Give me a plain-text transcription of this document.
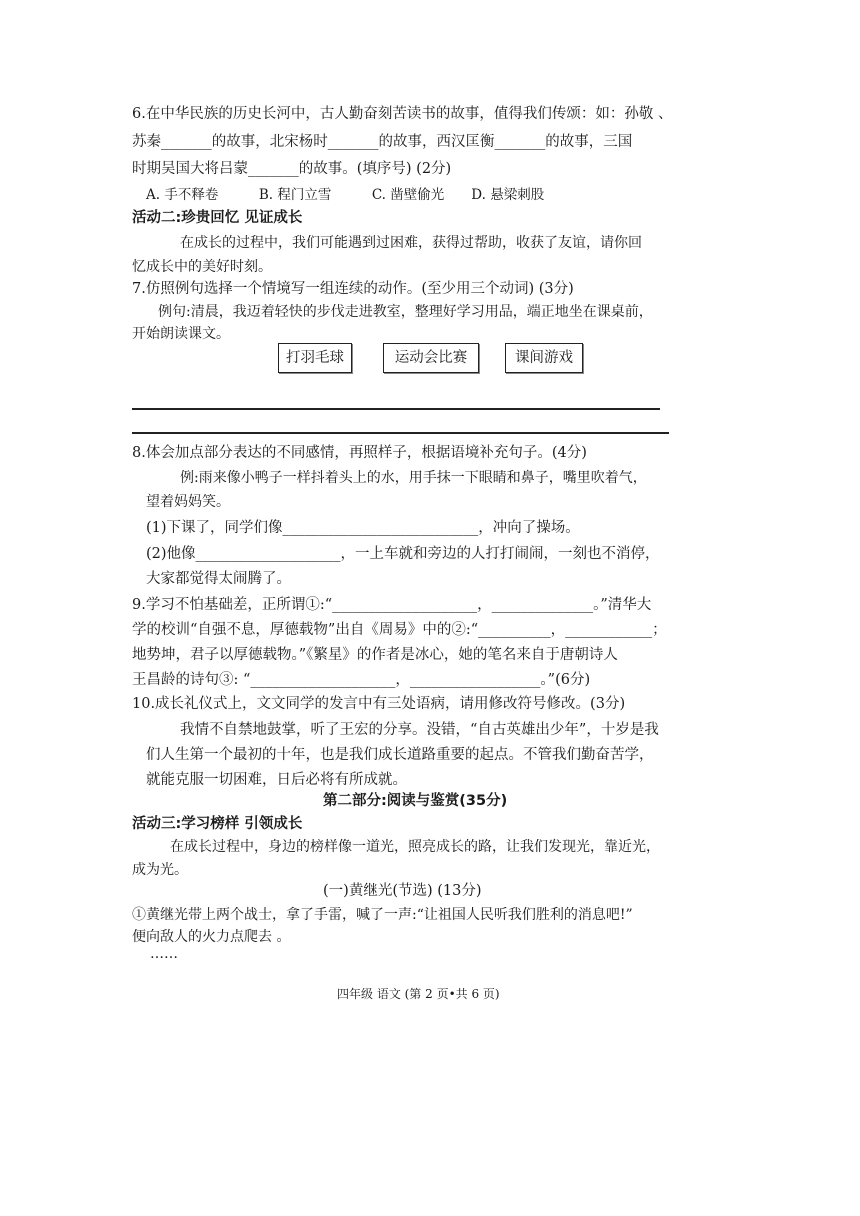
6.在中华民族的历史长河中，古人勤奋刻苦读书的故事，值得我们传颂：如：孙敬 、
苏秦_______的故事，北宋杨时_______的故事，西汉匡衡_______的故事，三国
时期吴国大将吕蒙_______的故事。(填序号) (2分)
A. 手不释卷　　　B. 程门立雪　　　C. 凿壁偷光　　D. 悬梁刺股
活动二:珍贵回忆 见证成长
在成长的过程中，我们可能遇到过困难，获得过帮助，收获了友谊，请你回
忆成长中的美好时刻。
7.仿照例句选择一个情境写一组连续的动作。(至少用三个动词) (3分)
例句:清晨，我迈着轻快的步伐走进教室，整理好学习用品，端正地坐在课桌前，
开始朗读课文。
打羽毛球	运动会比赛	课间游戏
8.体会加点部分表达的不同感情，再照样子，根据语境补充句子。(4分)
例:雨来像小鸭子一样抖着头上的水，用手抹一下眼睛和鼻子，嘴里吹着气，
望着妈妈笑。
(1)下课了，同学们像___________________________，冲向了操场。
(2)他像____________________，一上车就和旁边的人打打闹闹，一刻也不消停，
大家都觉得太闹腾了。
9.学习不怕基础差，正所谓①:“____________________，______________。”清华大
学的校训“自强不息，厚德载物”出自《周易》中的②:“__________，____________；
地势坤，君子以厚德载物。”《繁星》的作者是冰心，她的笔名来自于唐朝诗人
王昌龄的诗句③: “____________________，__________________。”(6分)
10.成长礼仪式上，文文同学的发言中有三处语病，请用修改符号修改。(3分)
我情不自禁地鼓掌，听了王宏的分享。没错，“自古英雄出少年”，十岁是我
们人生第一个最初的十年，也是我们成长道路重要的起点。不管我们勤奋苦学，
就能克服一切困难，日后必将有所成就。
第二部分:阅读与鉴赏(35分)
活动三:学习榜样 引领成长
在成长过程中，身边的榜样像一道光，照亮成长的路，让我们发现光，靠近光，
成为光。
(一)黄继光(节选) (13分)
①黄继光带上两个战士，拿了手雷，喊了一声:“让祖国人民听我们胜利的消息吧!”
便向敌人的火力点爬去 。
……
四年级 语文 (第 2 页•共 6 页)
